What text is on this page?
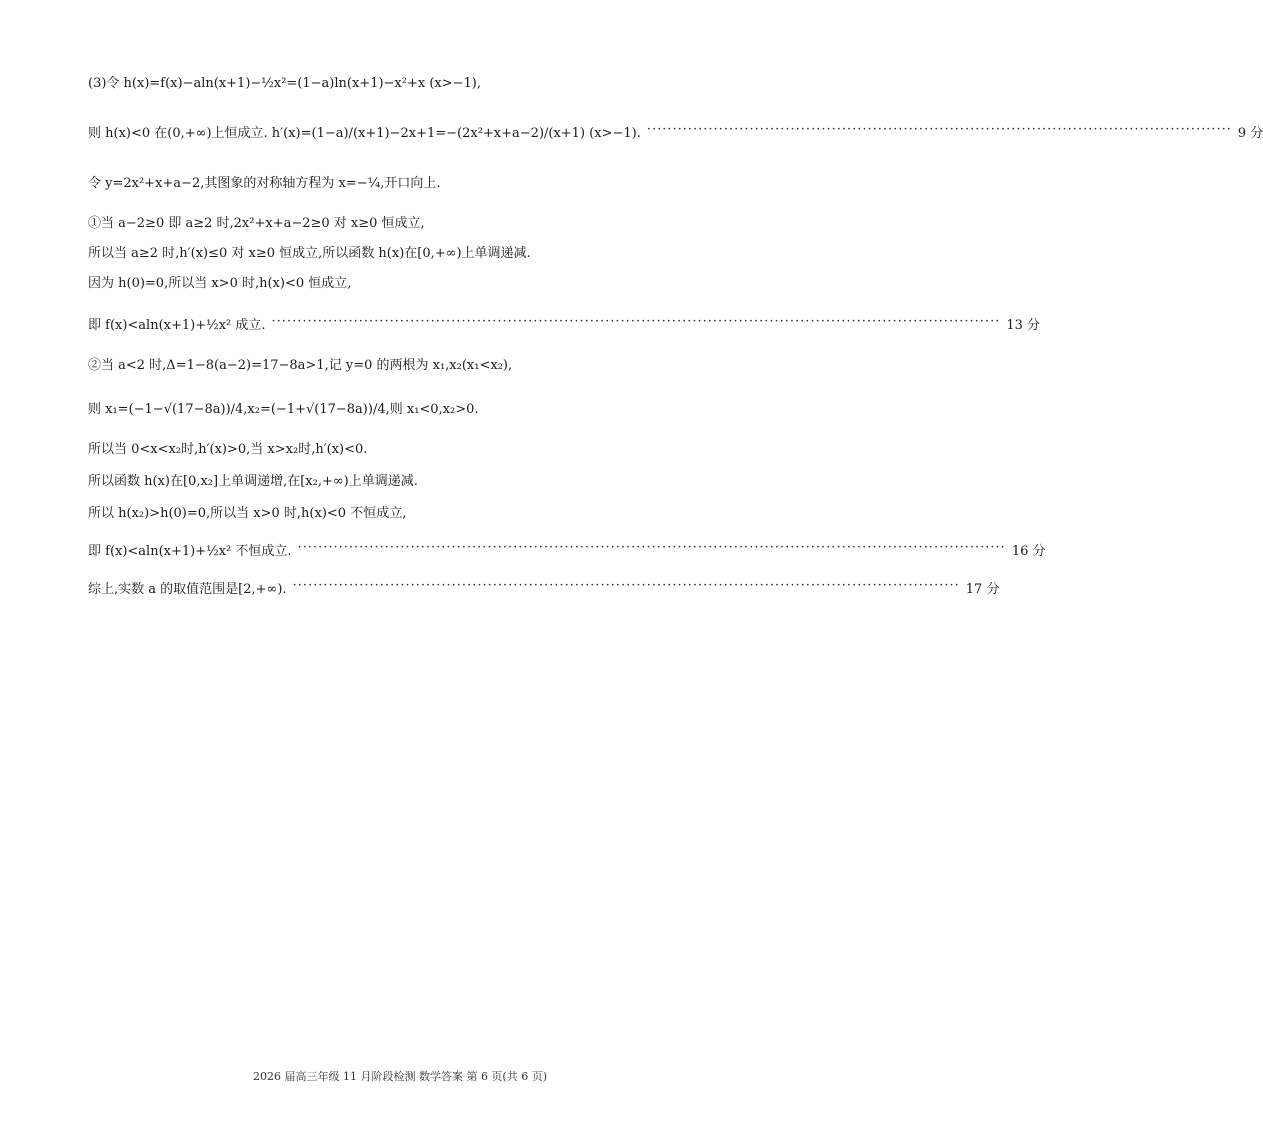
(3)令 h(x)=f(x)−aln(x+1)−½x²=(1−a)ln(x+1)−x²+x (x>−1),
则 h(x)<0 在(0,+∞)上恒成立. h′(x)=(1−a)/(x+1)−2x+1=−(2x²+x+a−2)/(x+1) (x>−1). ·················································································································· 9 分
令 y=2x²+x+a−2,其图象的对称轴方程为 x=−¼,开口向上.
①当 a−2≥0 即 a≥2 时,2x²+x+a−2≥0 对 x≥0 恒成立,
所以当 a≥2 时,h′(x)≤0 对 x≥0 恒成立,所以函数 h(x)在[0,+∞)上单调递减.
因为 h(0)=0,所以当 x>0 时,h(x)<0 恒成立,
即 f(x)<aln(x+1)+½x² 成立. ·············································································································································· 13 分
②当 a<2 时,Δ=1−8(a−2)=17−8a>1,记 y=0 的两根为 x₁,x₂(x₁<x₂),
则 x₁=(−1−√(17−8a))/4,x₂=(−1+√(17−8a))/4,则 x₁<0,x₂>0.
所以当 0<x<x₂时,h′(x)>0,当 x>x₂时,h′(x)<0.
所以函数 h(x)在[0,x₂]上单调递增,在[x₂,+∞)上单调递减.
所以 h(x₂)>h(0)=0,所以当 x>0 时,h(x)<0 不恒成立,
即 f(x)<aln(x+1)+½x² 不恒成立. ·········································································································································· 16 分
综上,实数 a 的取值范围是[2,+∞). ·································································································································· 17 分
2026 届高三年级 11 月阶段检测 数学答案 第 6 页(共 6 页)
